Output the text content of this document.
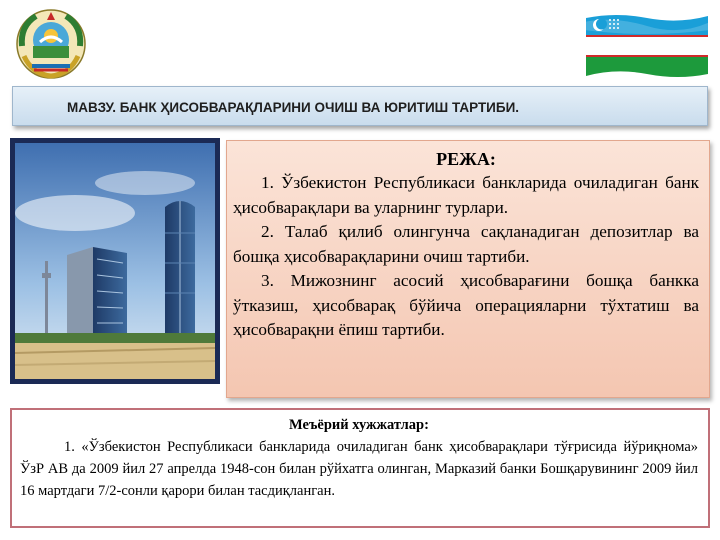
МАВЗУ. БАНК ҲИСОБВАРАҚЛАРИНИ ОЧИШ ВА ЮРИТИШ ТАРТИБИ.

РЕЖА:

1. Ўзбекистон Республикаси банкларида очиладиган банк ҳисобварақлари ва уларнинг турлари.

2. Талаб қилиб олингунча сақланадиган депозитлар ва бошқа ҳисобварақларини очиш тартиби.

3. Мижознинг асосий ҳисобварағини бошқа банкка ўтказиш, ҳисобварақ бўйича операцияларни тўхтатиш ва ҳисобварақни ёпиш тартиби.

Меъёрий хужжатлар:

1. «Ўзбекистон Республикаси банкларида очиладиган банк ҳисобварақлари тўғрисида йўриқнома» ЎзР АВ да 2009 йил 27 апрелда 1948-сон билан рўйхатга олинган, Марказий банки Бошқарувининг 2009 йил 16 мартдаги 7/2-сонли қарори билан тасдиқланган.
